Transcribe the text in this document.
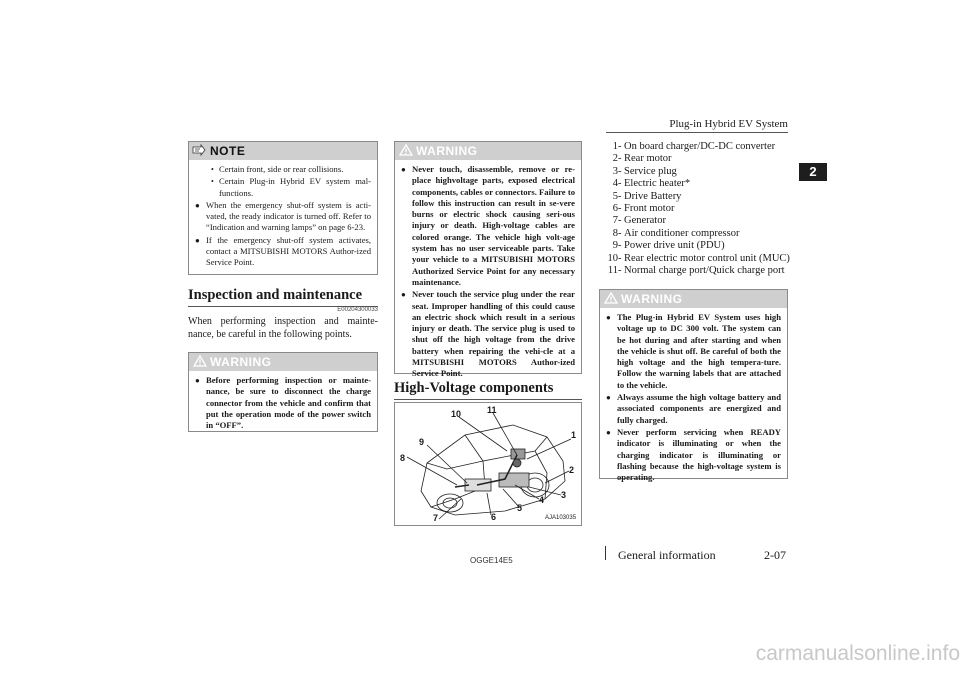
Plug-in Hybrid EV System
2
NOTE
• Certain front, side or rear collisions.
• Certain Plug-in Hybrid EV system mal-functions.
● When the emergency shut-off system is acti-vated, the ready indicator is turned off. Refer to “Indication and warning lamps” on page 6-23.
● If the emergency shut-off system activates, contact a MITSUBISHI MOTORS Author-ized Service Point.
Inspection and maintenance
E00204300033
When performing inspection and mainte-nance, be careful in the following points.
WARNING
● Before performing inspection or mainte-nance, be sure to disconnect the charge connector from the vehicle and confirm that put the operation mode of the power switch in “OFF”.
WARNING
● Never touch, disassemble, remove or re-place highvoltage parts, exposed electrical components, cables or connectors. Failure to follow this instruction can result in se-vere burns or electric shock causing seri-ous injury or death. High-voltage cables are colored orange. The vehicle high volt-age system has no user serviceable parts. Take your vehicle to a MITSUBISHI MOTORS Authorized Service Point for any necessary maintenance.
● Never touch the service plug under the rear seat. Improper handling of this could cause an electric shock which result in a serious injury or death. The service plug is used to shut off the high voltage from the drive battery when repairing the vehi-cle at a MITSUBISHI MOTORS Author-ized Service Point.
High-Voltage components
1
2
3
4
5
6
7
8
9
10	11
AJA103035
1 - On board charger/DC-DC converter
2 - Rear motor
3 - Service plug
4 - Electric heater*
5 - Drive Battery
6 - Front motor
7 - Generator
8 - Air conditioner compressor
9 - Power drive unit (PDU)
10 - Rear electric motor control unit (MUC)
11 - Normal charge port/Quick charge port
WARNING
● The Plug-in Hybrid EV System uses high voltage up to DC 300 volt. The system can be hot during and after starting and when the vehicle is shut off. Be careful of both the high voltage and the high tempera-ture. Follow the warning labels that are attached to the vehicle.
● Always assume the high voltage battery and associated components are energized and fully charged.
● Never perform servicing when READY indicator is illuminating or when the charging indicator is illuminating or flashing because the high-voltage system is operating.
OGGE14E5	General information	2-07
carmanualsonline.info
